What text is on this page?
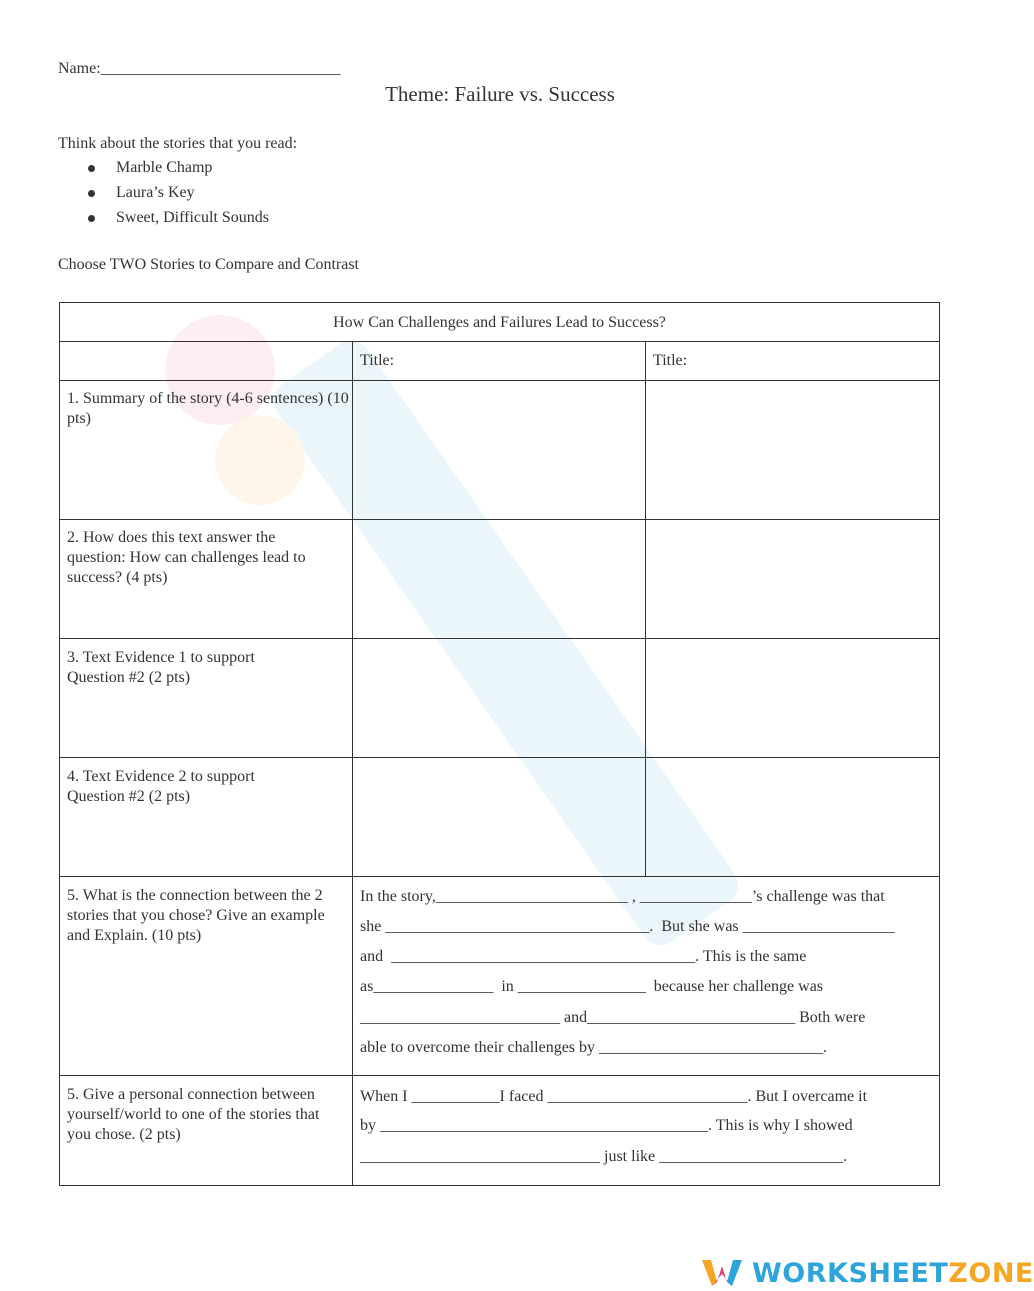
Name:______________________________
Theme: Failure vs. Success
Think about the stories that you read:
Marble Champ
Laura’s Key
Sweet, Difficult Sounds
Choose TWO Stories to Compare and Contrast
How Can Challenges and Failures Lead to Success?
Title:	Title:
1. Summary of the story (4-6 sentences) (10 pts)
2. How does this text answer the question: How can challenges lead to success? (4 pts)
3. Text Evidence 1 to support Question #2 (2 pts)
4. Text Evidence 2 to support Question #2 (2 pts)
5. What is the connection between the 2 stories that you chose? Give an example and Explain. (10 pts)
5. Give a personal connection between yourself/world to one of the stories that you chose. (2 pts)
In the story,________________________ , ______________’s challenge was that
she _________________________________.  But she was ___________________
and  ______________________________________. This is the same
as_______________  in ________________  because her challenge was
_________________________ and__________________________ Both were
able to overcome their challenges by ____________________________.
When I ___________I faced _________________________. But I overcame it
by _________________________________________. This is why I showed
______________________________ just like _______________________.
WORKSHEETZONE
